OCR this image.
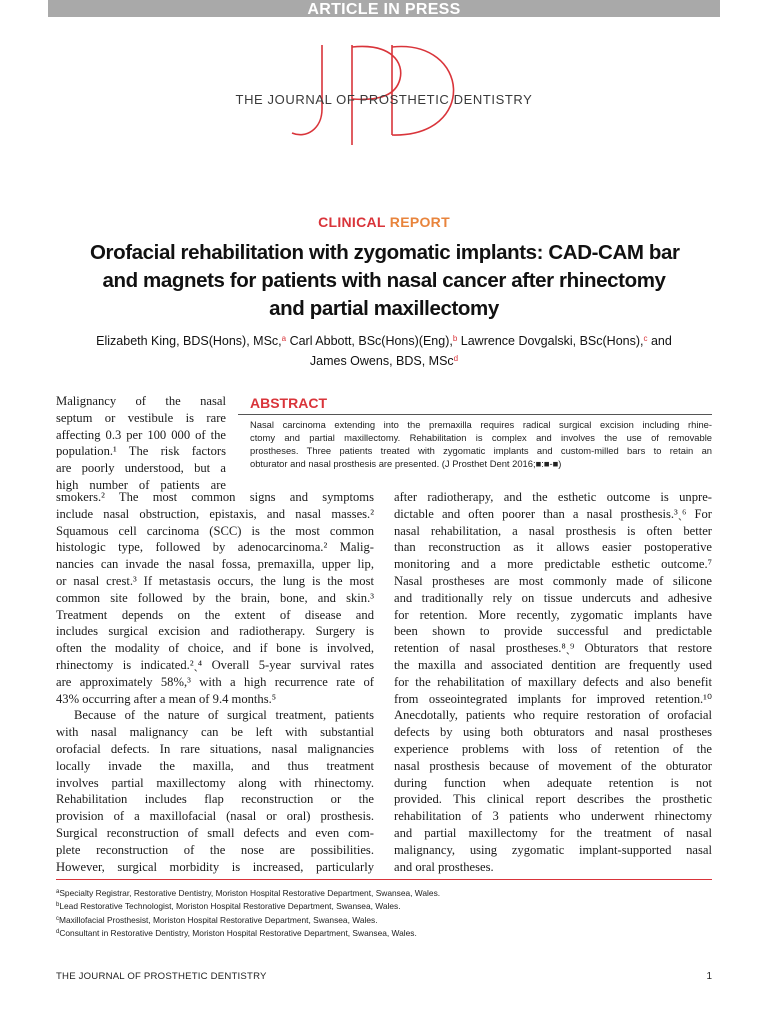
ARTICLE IN PRESS
THE JOURNAL OF PROSTHETIC DENTISTRY
CLINICAL REPORT
Orofacial rehabilitation with zygomatic implants: CAD-CAM bar
and magnets for patients with nasal cancer after rhinectomy
and partial maxillectomy
Elizabeth King, BDS(Hons), MSc,$^a$ Carl Abbott, BSc(Hons)(Eng),$^b$ Lawrence Dovgalski, BSc(Hons),$^c$ and
James Owens, BDS, MSc$^d$
ABSTRACT
Nasal carcinoma extending into the premaxilla requires radical surgical excision including rhine-
ctomy and partial maxillectomy. Rehabilitation is complex and involves the use of removable
prostheses. Three patients treated with zygomatic implants and custom-milled bars to retain an
obturator and nasal prosthesis are presented. (J Prosthet Dent 2016;■:■-■)
Malignancy of the nasal
septum or vestibule is rare
affecting 0.3 per 100 000 of the
population.¹ The risk factors
are poorly understood, but a
high number of patients are
smokers.² The most common signs and symptoms
include nasal obstruction, epistaxis, and nasal masses.²
Squamous cell carcinoma (SCC) is the most common
histologic type, followed by adenocarcinoma.² Malig-
nancies can invade the nasal fossa, premaxilla, upper lip,
or nasal crest.³ If metastasis occurs, the lung is the most
common site followed by the brain, bone, and skin.³
Treatment depends on the extent of disease and
includes surgical excision and radiotherapy. Surgery is
often the modality of choice, and if bone is involved,
rhinectomy is indicated.²ˎ⁴ Overall 5-year survival rates
are approximately 58%,³ with a high recurrence rate of
43% occurring after a mean of 9.4 months.⁵
Because of the nature of surgical treatment, patients
with nasal malignancy can be left with substantial
orofacial defects. In rare situations, nasal malignancies
locally invade the maxilla, and thus treatment
involves partial maxillectomy along with rhinectomy.
Rehabilitation includes flap reconstruction or the
provision of a maxillofacial (nasal or oral) prosthesis.
Surgical reconstruction of small defects and even com-
plete reconstruction of the nose are possibilities.
However, surgical morbidity is increased, particularly
after radiotherapy, and the esthetic outcome is unpre-
dictable and often poorer than a nasal prosthesis.³ˎ⁶ For
nasal rehabilitation, a nasal prosthesis is often better
than reconstruction as it allows easier postoperative
monitoring and a more predictable esthetic outcome.⁷
Nasal prostheses are most commonly made of silicone
and traditionally rely on tissue undercuts and adhesive
for retention. More recently, zygomatic implants have
been shown to provide successful and predictable
retention of nasal prostheses.⁸ˎ⁹ Obturators that restore
the maxilla and associated dentition are frequently used
for the rehabilitation of maxillary defects and also benefit
from osseointegrated implants for improved retention.¹⁰
Anecdotally, patients who require restoration of orofacial
defects by using both obturators and nasal prostheses
experience problems with loss of retention of the
nasal prosthesis because of movement of the obturator
during function when adequate retention is not
provided. This clinical report describes the prosthetic
rehabilitation of 3 patients who underwent rhinectomy
and partial maxillectomy for the treatment of nasal
malignancy, using zygomatic implant-supported nasal
and oral prostheses.
$^a$Specialty Registrar, Restorative Dentistry, Moriston Hospital Restorative Department, Swansea, Wales.
$^b$Lead Restorative Technologist, Moriston Hospital Restorative Department, Swansea, Wales.
$^c$Maxillofacial Prosthesist, Moriston Hospital Restorative Department, Swansea, Wales.
$^d$Consultant in Restorative Dentistry, Moriston Hospital Restorative Department, Swansea, Wales.
THE JOURNAL OF PROSTHETIC DENTISTRY	1
